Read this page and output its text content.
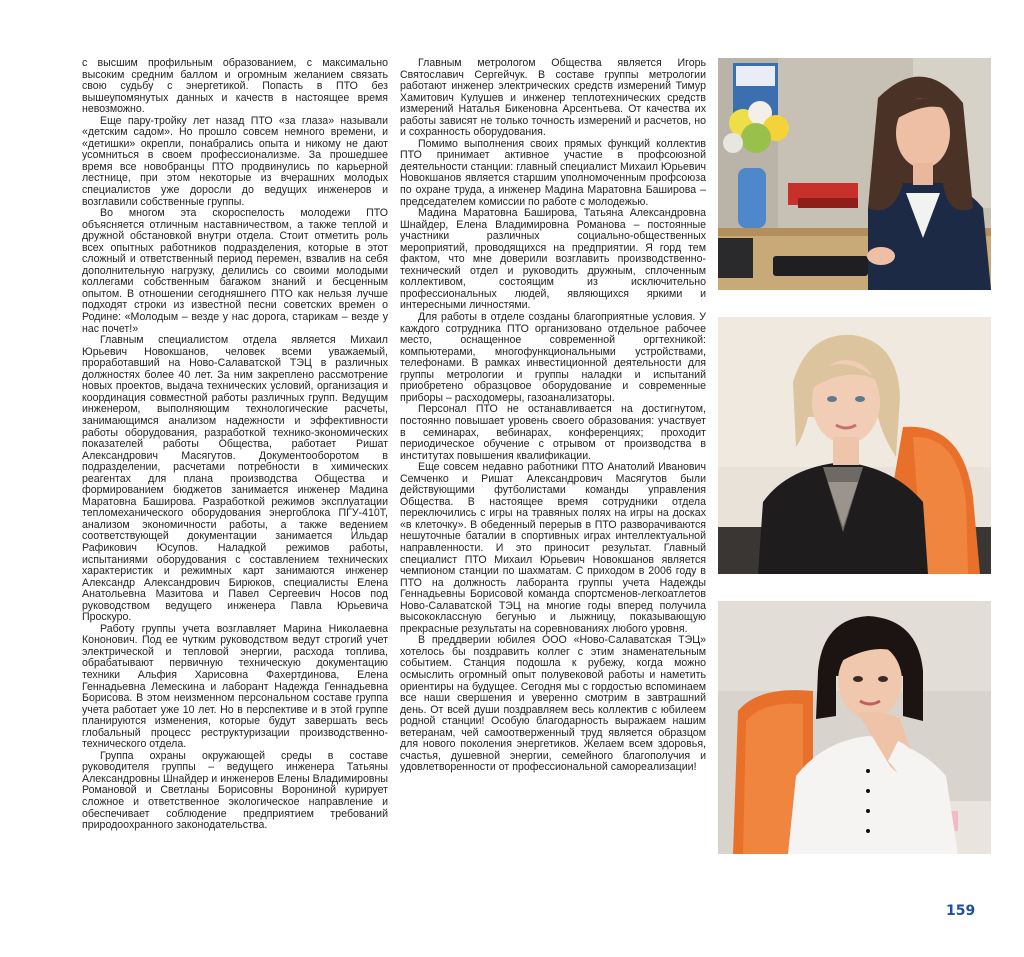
с высшим профильным образованием, с максимально высоким средним баллом и огромным желанием связать свою судьбу с энергетикой. Попасть в ПТО без вышеупомянутых данных и качеств в настоящее время невозможно.

Еще пару-тройку лет назад ПТО «за глаза» называли «детским садом». Но прошло совсем немного времени, и «детишки» окрепли, понабрались опыта и никому не дают усомниться в своем профессионализме. За прошедшее время все новобранцы ПТО продвинулись по карьерной лестнице, при этом некоторые из вчерашних молодых специалистов уже доросли до ведущих инженеров и возглавили собственные группы.

Во многом эта скороспелость молодежи ПТО объясняется отличным наставничеством, а также теплой и дружной обстановкой внутри отдела. Стоит отметить роль всех опытных работников подразделения, которые в этот сложный и ответственный период перемен, взвалив на себя дополнительную нагрузку, делились со своими молодыми коллегами собственным багажом знаний и бесценным опытом. В отношении сегодняшнего ПТО как нельзя лучше подходят строки из известной песни советских времен о Родине: «Молодым – везде у нас дорога, старикам – везде у нас почет!»

Главным специалистом отдела является Михаил Юрьевич Новокшанов, человек всеми уважаемый, проработавший на Ново-Салаватской ТЭЦ в различных должностях более 40 лет. За ним закреплено рассмотрение новых проектов, выдача технических условий, организация и координация совместной работы различных групп. Ведущим инженером, выполняющим технологические расчеты, занимающимся анализом надежности и эффективности работы оборудования, разработкой технико-экономических показателей работы Общества, работает Ришат Александрович Масягутов. Документооборотом в подразделении, расчетами потребности в химических реагентах для плана производства Общества и формированием бюджетов занимается инженер Мадина Маратовна Баширова. Разработкой режимов эксплуатации тепломеханического оборудования энергоблока ПГУ-410Т, анализом экономичности работы, а также ведением соответствующей документации занимается Ильдар Рафикович Юсупов. Наладкой режимов работы, испытаниями оборудования с составлением технических характеристик и режимных карт занимаются инженер Александр Александрович Бирюков, специалисты Елена Анатольевна Мазитова и Павел Сергеевич Носов под руководством ведущего инженера Павла Юрьевича Проскуро.

Работу группы учета возглавляет Марина Николаевна Кононович. Под ее чутким руководством ведут строгий учет электрической и тепловой энергии, расхода топлива, обрабатывают первичную техническую документацию техники Альфия Харисовна Фахертдинова, Елена Геннадьевна Лемескина и лаборант Надежда Геннадьевна Борисова. В этом неизменном персональном составе группа учета работает уже 10 лет. Но в перспективе и в этой группе планируются изменения, которые будут завершать весь глобальный процесс реструктуризации производственно-технического отдела.

Группа охраны окружающей среды в составе руководителя группы – ведущего инженера Татьяны Александровны Шнайдер и инженеров Елены Владимировны Романовой и Светланы Борисовны Ворониной курирует сложное и ответственное экологическое направление и обеспечивает соблюдение предприятием требований природоохранного законодательства.

Главным метрологом Общества является Игорь Святославич Сергейчук. В составе группы метрологии работают инженер электрических средств измерений Тимур Хамитович Кулушев и инженер теплотехнических средств измерений Наталья Бикеновна Арсентьева. От качества их работы зависят не только точность измерений и расчетов, но и сохранность оборудования.

Помимо выполнения своих прямых функций коллектив ПТО принимает активное участие в профсоюзной деятельности станции: главный специалист Михаил Юрьевич Новокшанов является старшим уполномоченным профсоюза по охране труда, а инженер Мадина Маратовна Баширова – председателем комиссии по работе с молодежью.

Мадина Маратовна Баширова, Татьяна Александровна Шнайдер, Елена Владимировна Романова – постоянные участники различных социально-общественных мероприятий, проводящихся на предприятии. Я горд тем фактом, что мне доверили возглавить производственно-технический отдел и руководить дружным, сплоченным коллективом, состоящим из исключительно профессиональных людей, являющихся яркими и интересными личностями.

Для работы в отделе созданы благоприятные условия. У каждого сотрудника ПТО организовано отдельное рабочее место, оснащенное современной оргтехникой: компьютерами, многофункциональными устройствами, телефонами. В рамках инвестиционной деятельности для группы метрологии и группы наладки и испытаний приобретено образцовое оборудование и современные приборы – расходомеры, газоанализаторы.

Персонал ПТО не останавливается на достигнутом, постоянно повышает уровень своего образования: участвует в семинарах, вебинарах, конференциях; проходит периодическое обучение с отрывом от производства в институтах повышения квалификации.

Еще совсем недавно работники ПТО Анатолий Иванович Семченко и Ришат Александрович Масягутов были действующими футболистами команды управления Общества. В настоящее время сотрудники отдела переключились с игры на травяных полях на игры на досках «в клеточку». В обеденный перерыв в ПТО разворачиваются нешуточные баталии в спортивных играх интеллектуальной направленности. И это приносит результат. Главный специалист ПТО Михаил Юрьевич Новокшанов является чемпионом станции по шахматам. С приходом в 2006 году в ПТО на должность лаборанта группы учета Надежды Геннадьевны Борисовой команда спортсменов-легкоатлетов Ново-Салаватской ТЭЦ на многие годы вперед получила высококлассную бегунью и лыжницу, показывающую прекрасные результаты на соревнованиях любого уровня.

В преддверии юбилея ООО «Ново-Салаватская ТЭЦ» хотелось бы поздравить коллег с этим знаменательным событием. Станция подошла к рубежу, когда можно осмыслить огромный опыт полувековой работы и наметить ориентиры на будущее. Сегодня мы с гордостью вспоминаем все наши свершения и уверенно смотрим в завтрашний день. От всей души поздравляем весь коллектив с юбилеем родной станции! Особую благодарность выражаем нашим ветеранам, чей самоотверженный труд является образцом для нового поколения энергетиков. Желаем всем здоровья, счастья, душевной энергии, семейного благополучия и удовлетворенности от профессиональной самореализации!

159
